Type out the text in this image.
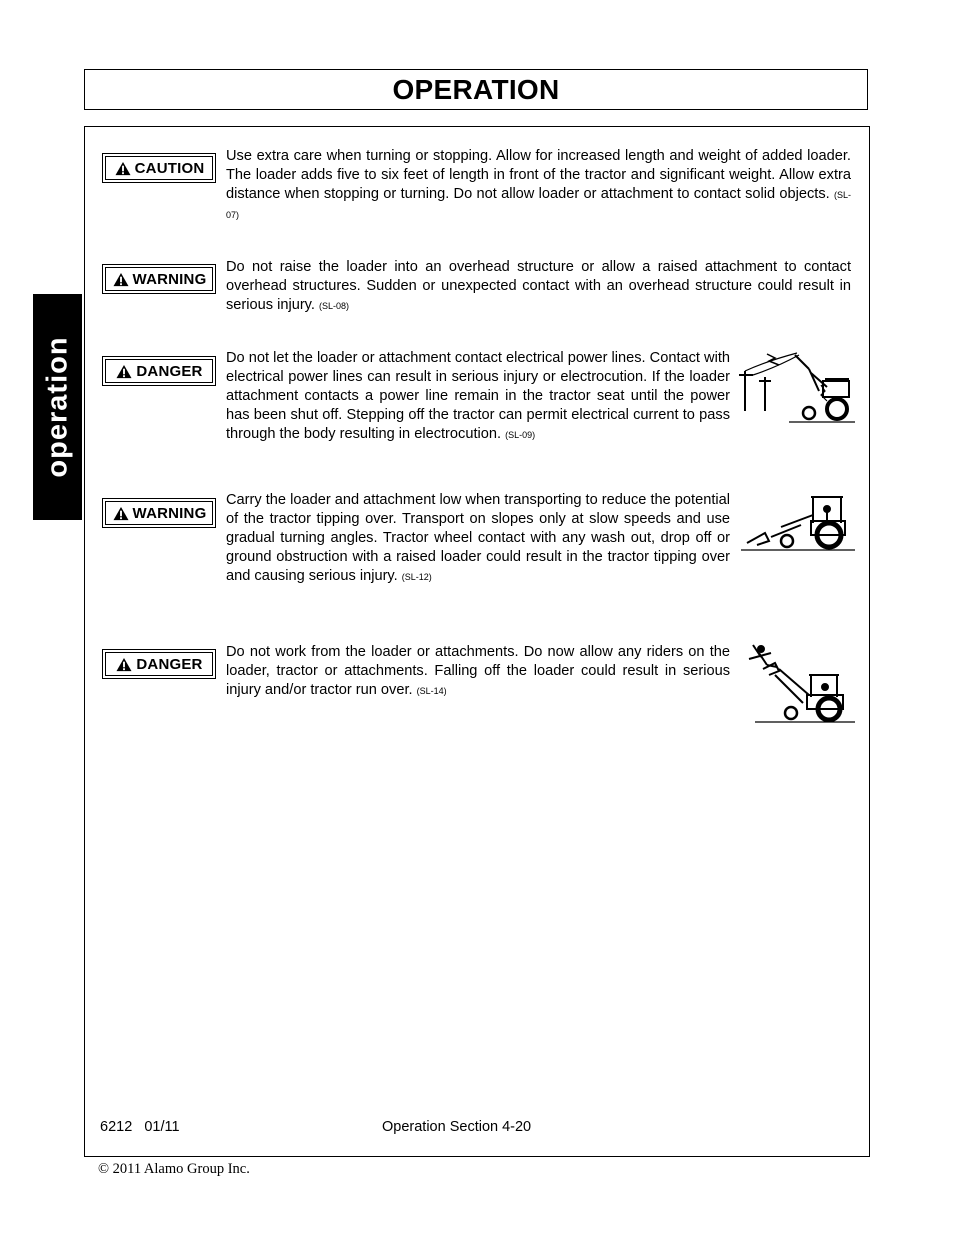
OPERATION
operation
CAUTION
Use extra care when turning or stopping. Allow for increased length and weight of added loader. The loader adds five to six feet of length in front of the tractor and significant weight. Allow extra distance when stopping or turning. Do not allow loader or attachment to contact solid objects. (SL-07)
WARNING
Do not raise the loader into an overhead structure or allow a raised attachment to contact overhead structures. Sudden or unexpected contact with an overhead structure could result in serious injury. (SL-08)
DANGER
Do not let the loader or attachment contact electrical power lines. Contact with electrical power lines can result in serious injury or electrocution. If the loader attachment contacts a power line remain in the tractor seat until the power has been shut off. Stepping off the tractor can permit electrical current to pass through the body resulting in electrocution. (SL-09)
WARNING
Carry the loader and attachment low when transporting to reduce the potential of the tractor tipping over. Transport on slopes only at slow speeds and use gradual turning angles. Tractor wheel contact with any wash out, drop off or ground obstruction with a raised loader could result in the tractor tipping over and causing serious injury. (SL-12)
DANGER
Do not work from the loader or attachments. Do now allow any riders on the loader, tractor or attachments. Falling off the loader could result in serious injury and/or tractor run over. (SL-14)
6212   01/11	Operation Section 4-20
© 2011 Alamo Group Inc.
